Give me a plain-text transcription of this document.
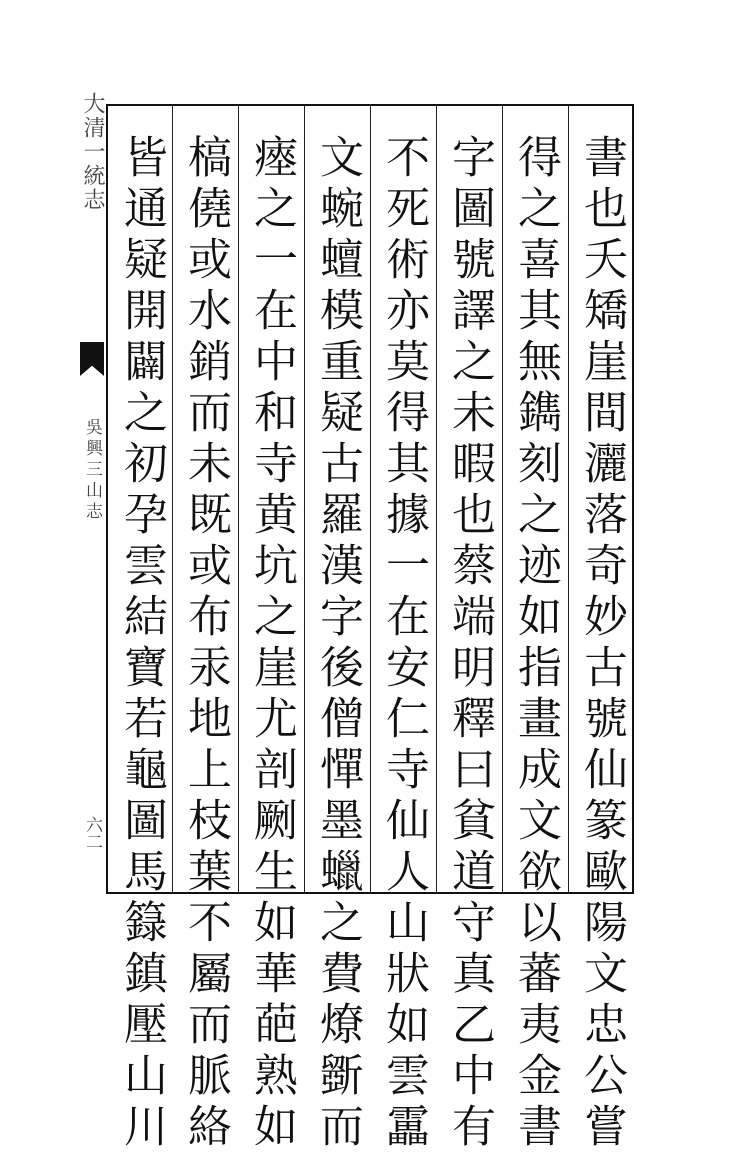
大清一統志
吳興三山志
六二	書也夭矯崖間灑落奇妙古號仙篆歐陽文忠公嘗
得之喜其無鐫刻之迹如指畫成文欲以蕃夷金書
字圖號譯之未暇也蔡端明釋曰貧道守真乙中有
不死術亦莫得其據一在安仁寺仙人山狀如雲靁
文蜿蟺模重疑古羅漢字後僧憚墨蠟之費燎斵而
瘞之一在中和寺黄坑之崖尤剖劂生如華葩熟如
槁僥或水銷而未既或布汞地上枝葉不屬而脈絡
皆通疑開闢之初孕雲結寶若龜圖馬籙鎮壓山川
